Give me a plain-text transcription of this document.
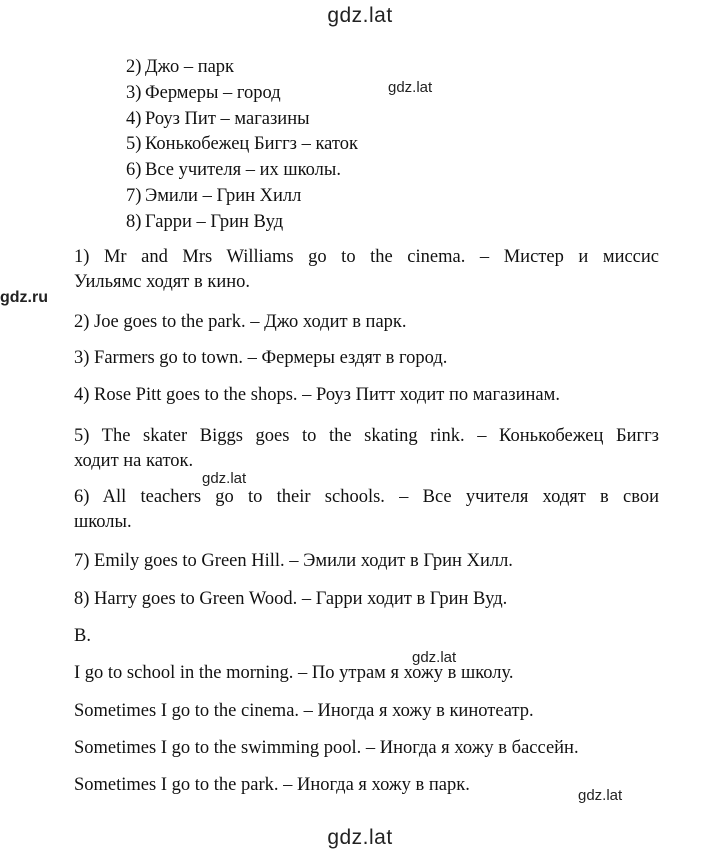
gdz.lat
2) Джо – парк
3) Фермеры – город
4) Роуз Пит – магазины
5) Конькобежец Биггз – каток
6) Все учителя – их школы.
7) Эмили – Грин Хилл
8) Гарри – Грин Вуд
gdz.lat

1) Mr and Mrs Williams go to the cinema. – Мистер и миссис
Уильямс ходят в кино.

gdz.ru

2) Joe goes to the park. – Джо ходит в парк.

3) Farmers go to town. – Фермеры ездят в город.

4) Rose Pitt goes to the shops. – Роуз Питт ходит по магазинам.

5) The skater Biggs goes to the skating rink. – Конькобежец Биггз
ходит на каток.

gdz.lat

6) All teachers go to their schools. – Все учителя ходят в свои
школы.

7) Emily goes to Green Hill. – Эмили ходит в Грин Хилл.

8) Harry goes to Green Wood. – Гарри ходит в Грин Вуд.

B.

gdz.lat

I go to school in the morning. – По утрам я хожу в школу.

Sometimes I go to the cinema. – Иногда я хожу в кинотеатр.

Sometimes I go to the swimming pool. – Иногда я хожу в бассейн.

Sometimes I go to the park. – Иногда я хожу в парк.

gdz.lat
gdz.lat
